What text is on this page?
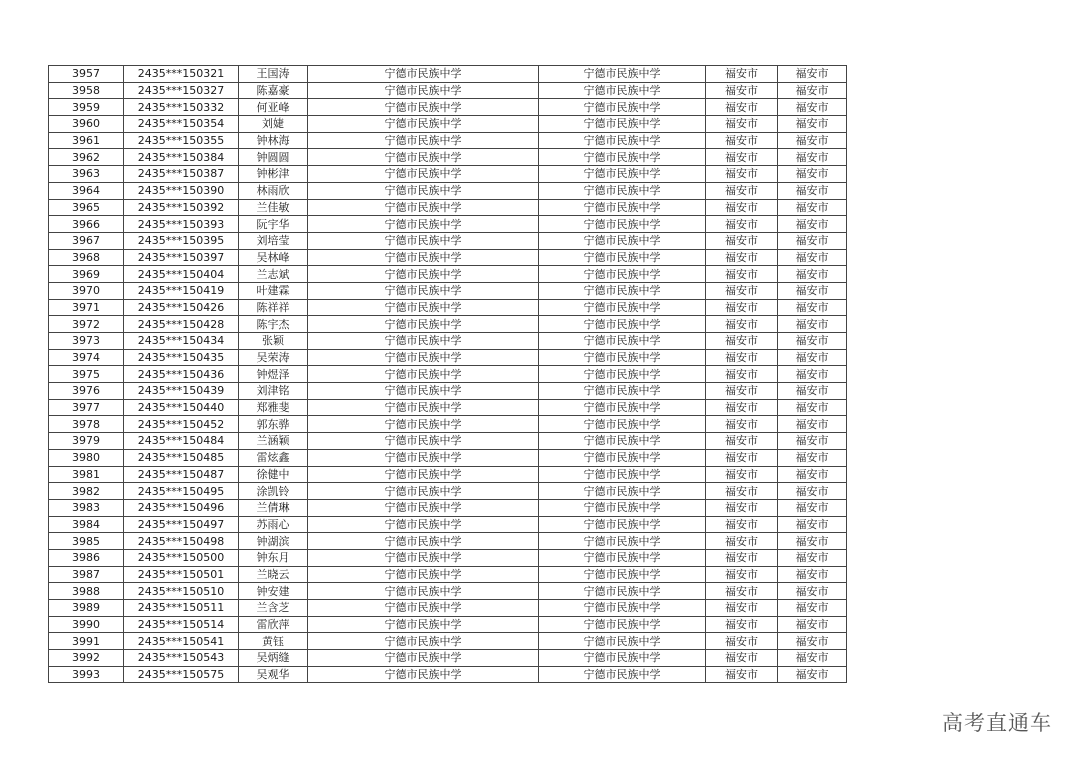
3957	2435***150321	王国涛	宁德市民族中学	宁德市民族中学	福安市	福安市
3958	2435***150327	陈嘉豪	宁德市民族中学	宁德市民族中学	福安市	福安市
3959	2435***150332	何亚峰	宁德市民族中学	宁德市民族中学	福安市	福安市
3960	2435***150354	刘婕	宁德市民族中学	宁德市民族中学	福安市	福安市
3961	2435***150355	钟林海	宁德市民族中学	宁德市民族中学	福安市	福安市
3962	2435***150384	钟圆圆	宁德市民族中学	宁德市民族中学	福安市	福安市
3963	2435***150387	钟彬津	宁德市民族中学	宁德市民族中学	福安市	福安市
3964	2435***150390	林雨欣	宁德市民族中学	宁德市民族中学	福安市	福安市
3965	2435***150392	兰佳敏	宁德市民族中学	宁德市民族中学	福安市	福安市
3966	2435***150393	阮宇华	宁德市民族中学	宁德市民族中学	福安市	福安市
3967	2435***150395	刘培莹	宁德市民族中学	宁德市民族中学	福安市	福安市
3968	2435***150397	吴林峰	宁德市民族中学	宁德市民族中学	福安市	福安市
3969	2435***150404	兰志斌	宁德市民族中学	宁德市民族中学	福安市	福安市
3970	2435***150419	叶建霖	宁德市民族中学	宁德市民族中学	福安市	福安市
3971	2435***150426	陈祥祥	宁德市民族中学	宁德市民族中学	福安市	福安市
3972	2435***150428	陈宇杰	宁德市民族中学	宁德市民族中学	福安市	福安市
3973	2435***150434	张颖	宁德市民族中学	宁德市民族中学	福安市	福安市
3974	2435***150435	吴荣涛	宁德市民族中学	宁德市民族中学	福安市	福安市
3975	2435***150436	钟煜泽	宁德市民族中学	宁德市民族中学	福安市	福安市
3976	2435***150439	刘津铭	宁德市民族中学	宁德市民族中学	福安市	福安市
3977	2435***150440	郑雅斐	宁德市民族中学	宁德市民族中学	福安市	福安市
3978	2435***150452	郭东骅	宁德市民族中学	宁德市民族中学	福安市	福安市
3979	2435***150484	兰涵颖	宁德市民族中学	宁德市民族中学	福安市	福安市
3980	2435***150485	雷炫鑫	宁德市民族中学	宁德市民族中学	福安市	福安市
3981	2435***150487	徐健中	宁德市民族中学	宁德市民族中学	福安市	福安市
3982	2435***150495	涂凯铃	宁德市民族中学	宁德市民族中学	福安市	福安市
3983	2435***150496	兰倩琳	宁德市民族中学	宁德市民族中学	福安市	福安市
3984	2435***150497	苏雨心	宁德市民族中学	宁德市民族中学	福安市	福安市
3985	2435***150498	钟湖滨	宁德市民族中学	宁德市民族中学	福安市	福安市
3986	2435***150500	钟东月	宁德市民族中学	宁德市民族中学	福安市	福安市
3987	2435***150501	兰晓云	宁德市民族中学	宁德市民族中学	福安市	福安市
3988	2435***150510	钟安建	宁德市民族中学	宁德市民族中学	福安市	福安市
3989	2435***150511	兰含芝	宁德市民族中学	宁德市民族中学	福安市	福安市
3990	2435***150514	雷欣萍	宁德市民族中学	宁德市民族中学	福安市	福安市
3991	2435***150541	黄钰	宁德市民族中学	宁德市民族中学	福安市	福安市
3992	2435***150543	吴炳缝	宁德市民族中学	宁德市民族中学	福安市	福安市
3993	2435***150575	吴观华	宁德市民族中学	宁德市民族中学	福安市	福安市
高考直通车
